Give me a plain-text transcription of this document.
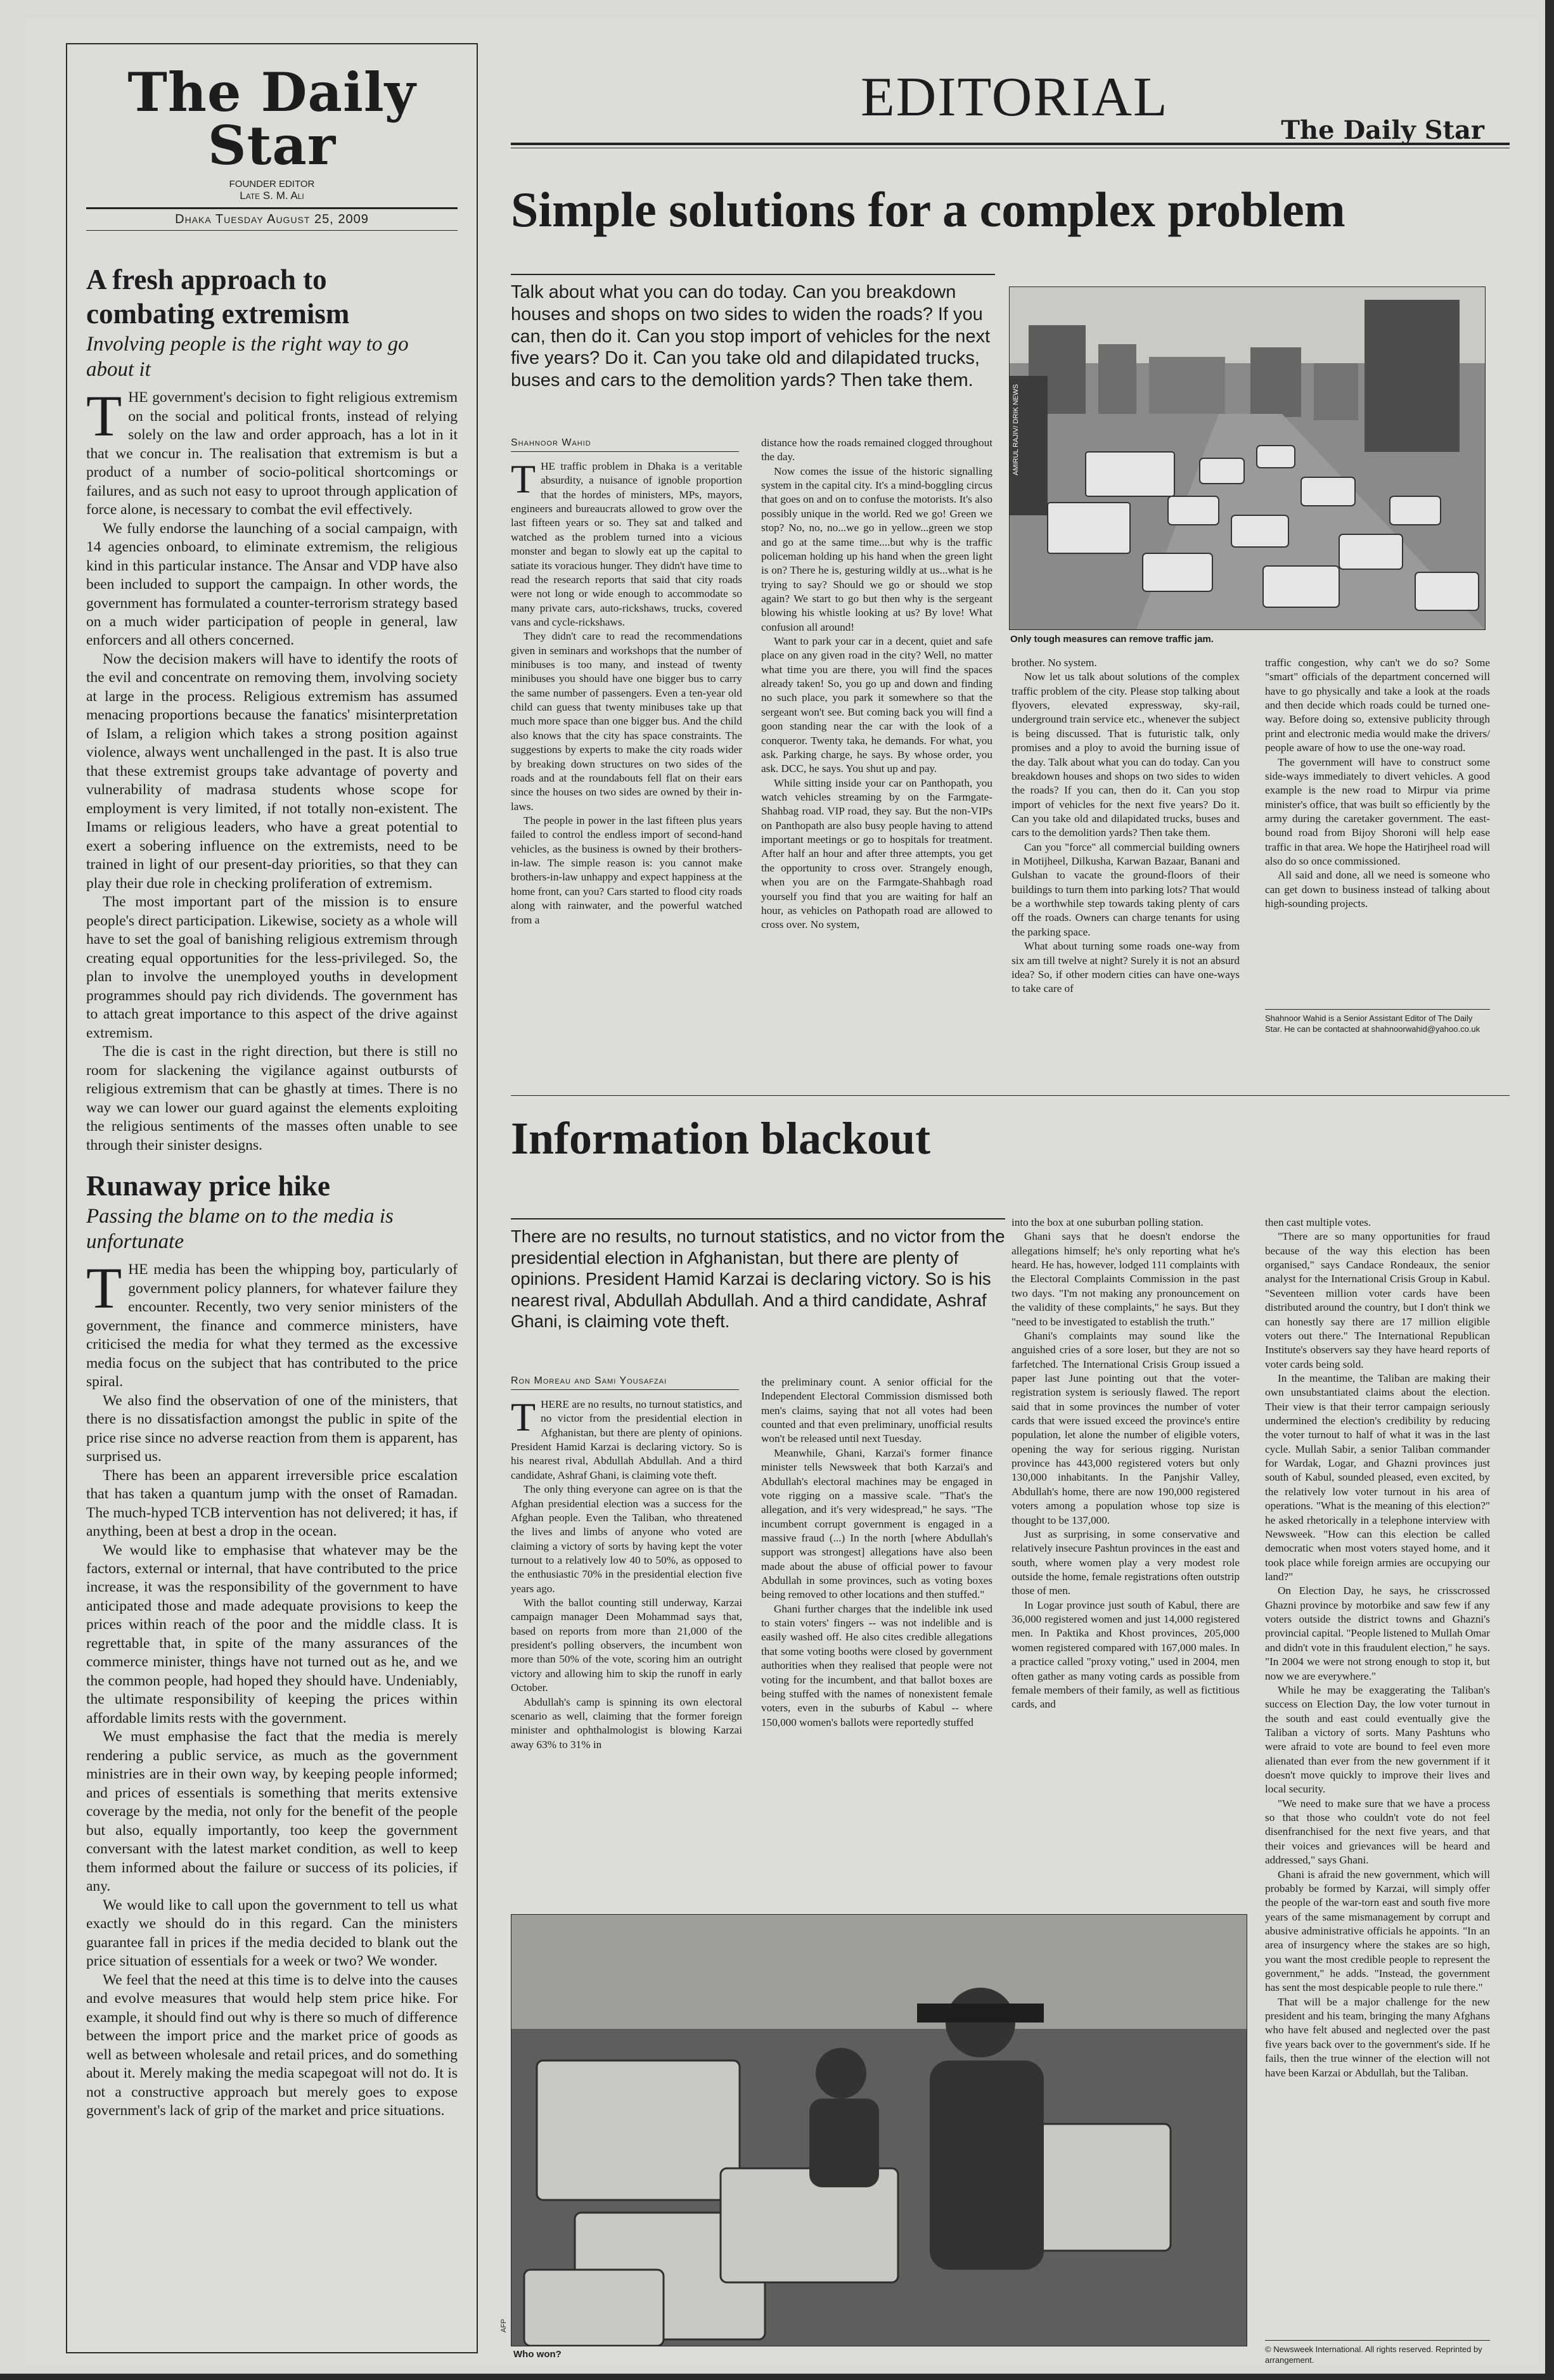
The Daily Star
FOUNDER EDITOR
Late S. M. Ali
Dhaka Tuesday August 25, 2009
A fresh approach to combating extremism
Involving people is the right way to go about it

THE government's decision to fight religious extremism on the social and political fronts, instead of relying solely on the law and order approach, has a lot in it that we concur in. The realisation that extremism is but a product of a number of socio-political shortcomings or failures, and as such not easy to uproot through application of force alone, is necessary to combat the evil effectively.

We fully endorse the launching of a social campaign, with 14 agencies onboard, to eliminate extremism, the religious kind in this particular instance. The Ansar and VDP have also been included to support the campaign. In other words, the government has formulated a counter-terrorism strategy based on a much wider participation of people in general, law enforcers and all others concerned.

Now the decision makers will have to identify the roots of the evil and concentrate on removing them, involving society at large in the process. Religious extremism has assumed menacing proportions because the fanatics' misinterpretation of Islam, a religion which takes a strong position against violence, always went unchallenged in the past. It is also true that these extremist groups take advantage of poverty and vulnerability of madrasa students whose scope for employment is very limited, if not totally non-existent. The Imams or religious leaders, who have a great potential to exert a sobering influence on the extremists, need to be trained in light of our present-day priorities, so that they can play their due role in checking proliferation of extremism.

The most important part of the mission is to ensure people's direct participation. Likewise, society as a whole will have to set the goal of banishing religious extremism through creating equal opportunities for the less-privileged. So, the plan to involve the unemployed youths in development programmes should pay rich dividends. The government has to attach great importance to this aspect of the drive against extremism.

The die is cast in the right direction, but there is still no room for slackening the vigilance against outbursts of religious extremism that can be ghastly at times. There is no way we can lower our guard against the elements exploiting the religious sentiments of the masses often unable to see through their sinister designs.

Runaway price hike
Passing the blame on to the media is unfortunate

THE media has been the whipping boy, particularly of government policy planners, for whatever failure they encounter. Recently, two very senior ministers of the government, the finance and commerce ministers, have criticised the media for what they termed as the excessive media focus on the subject that has contributed to the price spiral.

We also find the observation of one of the ministers, that there is no dissatisfaction amongst the public in spite of the price rise since no adverse reaction from them is apparent, has surprised us.

There has been an apparent irreversible price escalation that has taken a quantum jump with the onset of Ramadan. The much-hyped TCB intervention has not delivered; it has, if anything, been at best a drop in the ocean.

We would like to emphasise that whatever may be the factors, external or internal, that have contributed to the price increase, it was the responsibility of the government to have anticipated those and made adequate provisions to keep the prices within reach of the poor and the middle class. It is regrettable that, in spite of the many assurances of the commerce minister, things have not turned out as he, and we the common people, had hoped they should have. Undeniably, the ultimate responsibility of keeping the prices within affordable limits rests with the government.

We must emphasise the fact that the media is merely rendering a public service, as much as the government ministries are in their own way, by keeping people informed; and prices of essentials is something that merits extensive coverage by the media, not only for the benefit of the people but also, equally importantly, too keep the government conversant with the latest market condition, as well to keep them informed about the failure or success of its policies, if any.

We would like to call upon the government to tell us what exactly we should do in this regard. Can the ministers guarantee fall in prices if the media decided to blank out the price situation of essentials for a week or two? We wonder.

We feel that the need at this time is to delve into the causes and evolve measures that would help stem price hike. For example, it should find out why is there so much of difference between the import price and the market price of goods as well as between wholesale and retail prices, and do something about it. Merely making the media scapegoat will not do. It is not a constructive approach but merely goes to expose government's lack of grip of the market and price situations.

EDITORIAL
The Daily Star
Simple solutions for a complex problem
Talk about what you can do today. Can you breakdown houses and shops on two sides to widen the roads? If you can, then do it. Can you stop import of vehicles for the next five years? Do it. Can you take old and dilapidated trucks, buses and cars to the demolition yards? Then take them.
Only tough measures can remove traffic jam.
Shahnoor Wahid

THE traffic problem in Dhaka is a veritable absurdity, a nuisance of ignoble proportion that the hordes of ministers, MPs, mayors, engineers and bureaucrats allowed to grow over the last fifteen years or so. They sat and talked and watched as the problem turned into a vicious monster and began to slowly eat up the capital to satiate its voracious hunger. They didn't have time to read the research reports that said that city roads were not long or wide enough to accommodate so many private cars, auto-rickshaws, trucks, covered vans and cycle-rickshaws.

They didn't care to read the recommendations given in seminars and workshops that the number of minibuses is too many, and instead of twenty minibuses you should have one bigger bus to carry the same number of passengers. Even a ten-year old child can guess that twenty minibuses take up that much more space than one bigger bus. And the child also knows that the city has space constraints. The suggestions by experts to make the city roads wider by breaking down structures on two sides of the roads and at the roundabouts fell flat on their ears since the houses on two sides are owned by their in-laws.

The people in power in the last fifteen plus years failed to control the endless import of second-hand vehicles, as the business is owned by their brothers-in-law. The simple reason is: you cannot make brothers-in-law unhappy and expect happiness at the home front, can you? Cars started to flood city roads along with rainwater, and the powerful watched from a

distance how the roads remained clogged throughout the day.

Now comes the issue of the historic signalling system in the capital city. It's a mind-boggling circus that goes on and on to confuse the motorists. It's also possibly unique in the world. Red we go! Green we stop? No, no, no...we go in yellow...green we stop and go at the same time....but why is the traffic policeman holding up his hand when the green light is on? There he is, gesturing wildly at us...what is he trying to say? Should we go or should we stop again? We start to go but then why is the sergeant blowing his whistle looking at us? By love! What confusion all around!

Want to park your car in a decent, quiet and safe place on any given road in the city? Well, no matter what time you are there, you will find the spaces already taken! So, you go up and down and finding no such place, you park it somewhere so that the sergeant won't see. But coming back you will find a goon standing near the car with the look of a conqueror. Twenty taka, he demands. For what, you ask. Parking charge, he says. By whose order, you ask. DCC, he says. You shut up and pay.

While sitting inside your car on Panthopath, you watch vehicles streaming by on the Farmgate-Shahbag road. VIP road, they say. But the non-VIPs on Panthopath are also busy people having to attend important meetings or go to hospitals for treatment. After half an hour and after three attempts, you get the opportunity to cross over. Strangely enough, when you are on the Farmgate-Shahbagh road yourself you find that you are waiting for half an hour, as vehicles on Pathopath road are allowed to cross over. No system,

brother. No system.

Now let us talk about solutions of the complex traffic problem of the city. Please stop talking about flyovers, elevated expressway, sky-rail, underground train service etc., whenever the subject is being discussed. That is futuristic talk, only promises and a ploy to avoid the burning issue of the day. Talk about what you can do today. Can you breakdown houses and shops on two sides to widen the roads? If you can, then do it. Can you stop import of vehicles for the next five years? Do it. Can you take old and dilapidated trucks, buses and cars to the demolition yards? Then take them.

Can you "force" all commercial building owners in Motijheel, Dilkusha, Karwan Bazaar, Banani and Gulshan to vacate the ground-floors of their buildings to turn them into parking lots? That would be a worthwhile step towards taking plenty of cars off the roads. Owners can charge tenants for using the parking space.

What about turning some roads one-way from six am till twelve at night? Surely it is not an absurd idea? So, if other modern cities can have one-ways to take care of

traffic congestion, why can't we do so? Some "smart" officials of the department concerned will have to go physically and take a look at the roads and then decide which roads could be turned one-way. Before doing so, extensive publicity through print and electronic media would make the drivers/ people aware of how to use the one-way road.

The government will have to construct some side-ways immediately to divert vehicles. A good example is the new road to Mirpur via prime minister's office, that was built so efficiently by the army during the caretaker government. The east-bound road from Bijoy Shoroni will help ease traffic in that area. We hope the Hatirjheel road will also do so once commissioned.

All said and done, all we need is someone who can get down to business instead of talking about high-sounding projects.

Shahnoor Wahid is a Senior Assistant Editor of The Daily Star. He can be contacted at shahnoorwahid@yahoo.co.uk
Information blackout
There are no results, no turnout statistics, and no victor from the presidential election in Afghanistan, but there are plenty of opinions. President Hamid Karzai is declaring victory. So is his nearest rival, Abdullah Abdullah. And a third candidate, Ashraf Ghani, is claiming vote theft.
Ron Moreau and Sami Yousafzai

THERE are no results, no turnout statistics, and no victor from the presidential election in Afghanistan, but there are plenty of opinions. President Hamid Karzai is declaring victory. So is his nearest rival, Abdullah Abdullah. And a third candidate, Ashraf Ghani, is claiming vote theft.

The only thing everyone can agree on is that the Afghan presidential election was a success for the Afghan people. Even the Taliban, who threatened the lives and limbs of anyone who voted are claiming a victory of sorts by having kept the voter turnout to a relatively low 40 to 50%, as opposed to the enthusiastic 70% in the presidential election five years ago.

With the ballot counting still underway, Karzai campaign manager Deen Mohammad says that, based on reports from more than 21,000 of the president's polling observers, the incumbent won more than 50% of the vote, scoring him an outright victory and allowing him to skip the runoff in early October.

Abdullah's camp is spinning its own electoral scenario as well, claiming that the former foreign minister and ophthalmologist is blowing Karzai away 63% to 31% in

the preliminary count. A senior official for the Independent Electoral Commission dismissed both men's claims, saying that not all votes had been counted and that even preliminary, unofficial results won't be released until next Tuesday.

Meanwhile, Ghani, Karzai's former finance minister tells Newsweek that both Karzai's and Abdullah's electoral machines may be engaged in vote rigging on a massive scale. "That's the allegation, and it's very widespread," he says. "The incumbent corrupt government is engaged in a massive fraud (...) In the north [where Abdullah's support was strongest] allegations have also been made about the abuse of official power to favour Abdullah in some provinces, such as voting boxes being removed to other locations and then stuffed."

Ghani further charges that the indelible ink used to stain voters' fingers -- was not indelible and is easily washed off. He also cites credible allegations that some voting booths were closed by government authorities when they realised that people were not voting for the incumbent, and that ballot boxes are being stuffed with the names of nonexistent female voters, even in the suburbs of Kabul -- where 150,000 women's ballots were reportedly stuffed

into the box at one suburban polling station.

Ghani says that he doesn't endorse the allegations himself; he's only reporting what he's heard. He has, however, lodged 111 complaints with the Electoral Complaints Commission in the past two days. "I'm not making any pronouncement on the validity of these complaints," he says. But they "need to be investigated to establish the truth."

Ghani's complaints may sound like the anguished cries of a sore loser, but they are not so farfetched. The International Crisis Group issued a paper last June pointing out that the voter-registration system is seriously flawed. The report said that in some provinces the number of voter cards that were issued exceed the province's entire population, let alone the number of eligible voters, opening the way for serious rigging. Nuristan province has 443,000 registered voters but only 130,000 inhabitants. In the Panjshir Valley, Abdullah's home, there are now 190,000 registered voters among a population whose top size is thought to be 137,000.

Just as surprising, in some conservative and relatively insecure Pashtun provinces in the east and south, where women play a very modest role outside the home, female registrations often outstrip those of men.

In Logar province just south of Kabul, there are 36,000 registered women and just 14,000 registered men. In Paktika and Khost provinces, 205,000 women registered compared with 167,000 males. In a practice called "proxy voting," used in 2004, men often gather as many voting cards as possible from female members of their family, as well as fictitious cards, and

then cast multiple votes.

"There are so many opportunities for fraud because of the way this election has been organised," says Candace Rondeaux, the senior analyst for the International Crisis Group in Kabul. "Seventeen million voter cards have been distributed around the country, but I don't think we can honestly say there are 17 million eligible voters out there." The International Republican Institute's observers say they have heard reports of voter cards being sold.

In the meantime, the Taliban are making their own unsubstantiated claims about the election. Their view is that their terror campaign seriously undermined the election's credibility by reducing the voter turnout to half of what it was in the last cycle. Mullah Sabir, a senior Taliban commander for Wardak, Logar, and Ghazni provinces just south of Kabul, sounded pleased, even excited, by the relatively low voter turnout in his area of operations. "What is the meaning of this election?" he asked rhetorically in a telephone interview with Newsweek. "How can this election be called democratic when most voters stayed home, and it took place while foreign armies are occupying our land?"

On Election Day, he says, he crisscrossed Ghazni province by motorbike and saw few if any voters outside the district towns and Ghazni's provincial capital. "People listened to Mullah Omar and didn't vote in this fraudulent election," he says. "In 2004 we were not strong enough to stop it, but now we are everywhere."

While he may be exaggerating the Taliban's success on Election Day, the low voter turnout in the south and east could eventually give the Taliban a victory of sorts. Many Pashtuns who were afraid to vote are bound to feel even more alienated than ever from the new government if it doesn't move quickly to improve their lives and local security.

"We need to make sure that we have a process so that those who couldn't vote do not feel disenfranchised for the next five years, and that their voices and grievances will be heard and addressed," says Ghani.

Ghani is afraid the new government, which will probably be formed by Karzai, will simply offer the people of the war-torn east and south five more years of the same mismanagement by corrupt and abusive administrative officials he appoints. "In an area of insurgency where the stakes are so high, you want the most credible people to represent the government," he adds. "Instead, the government has sent the most despicable people to rule there."

That will be a major challenge for the new president and his team, bringing the many Afghans who have felt abused and neglected over the past five years back over to the government's side. If he fails, then the true winner of the election will not have been Karzai or Abdullah, but the Taliban.

Who won?
AFP
© Newsweek International. All rights reserved. Reprinted by arrangement.
